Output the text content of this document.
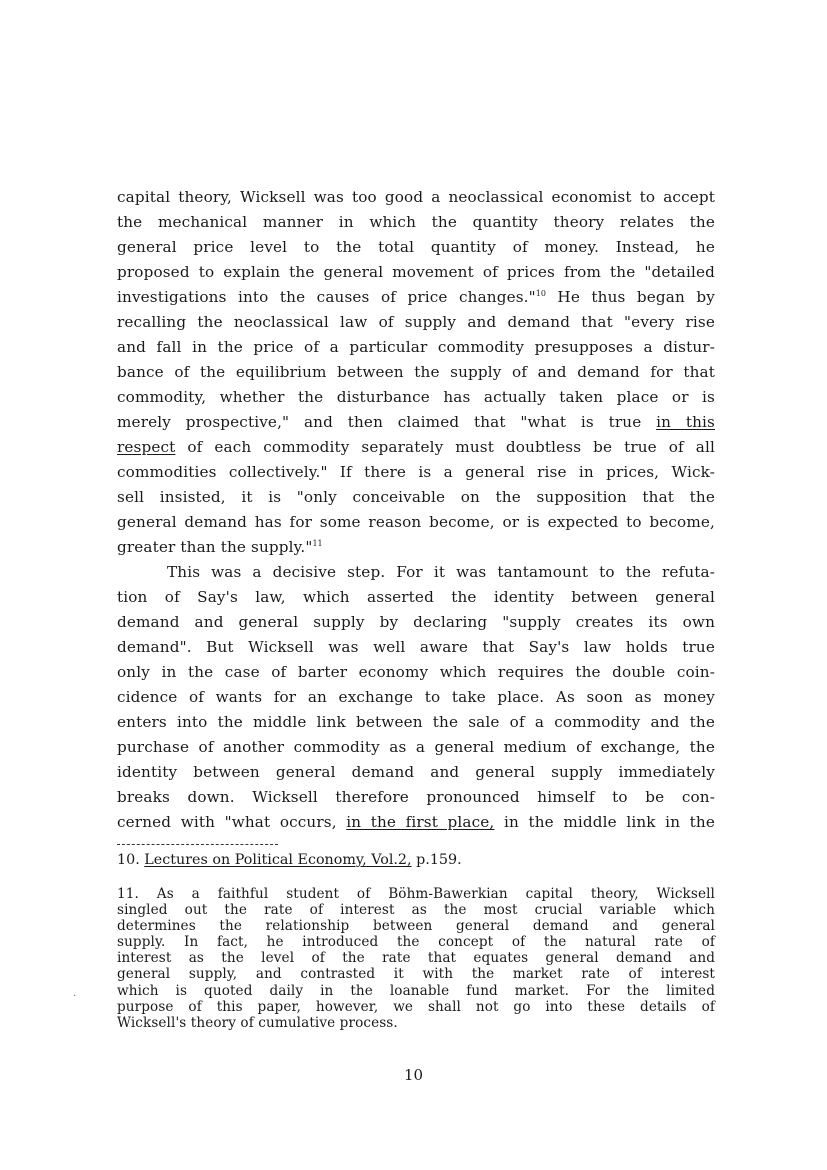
capital theory, Wicksell was too good a neoclassical economist to accept
the mechanical manner in which the quantity theory relates the
general price level to the total quantity of money. Instead, he
proposed to explain the general movement of prices from the "detailed
investigations into the causes of price changes."$^{10}$ He thus began by
recalling the neoclassical law of supply and demand that "every rise
and fall in the price of a particular commodity presupposes a distur-
bance of the equilibrium between the supply of and demand for that
commodity, whether the disturbance has actually taken place or is
merely prospective," and then claimed that "what is true in this
respect of each commodity separately must doubtless be true of all
commodities collectively." If there is a general rise in prices, Wick-
sell insisted, it is "only conceivable on the supposition that the
general demand has for some reason become, or is expected to become,
greater than the supply."$^{11}$
This was a decisive step. For it was tantamount to the refuta-
tion of Say's law, which asserted the identity between general
demand and general supply by declaring "supply creates its own
demand". But Wicksell was well aware that Say's law holds true
only in the case of barter economy which requires the double coin-
cidence of wants for an exchange to take place. As soon as money
enters into the middle link between the sale of a commodity and the
purchase of another commodity as a general medium of exchange, the
identity between general demand and general supply immediately
breaks down. Wicksell therefore pronounced himself to be con-
cerned with "what occurs, in the first place, in the middle link in the
10. Lectures on Political Economy, Vol.2, p.159.
11. As a faithful student of Böhm-Bawerkian capital theory, Wicksell
singled out the rate of interest as the most crucial variable which
determines the relationship between general demand and general
supply. In fact, he introduced the concept of the natural rate of
interest as the level of the rate that equates general demand and
general supply, and contrasted it with the market rate of interest
which is quoted daily in the loanable fund market. For the limited
purpose of this paper, however, we shall not go into these details of
Wicksell's theory of cumulative process.
.
10
